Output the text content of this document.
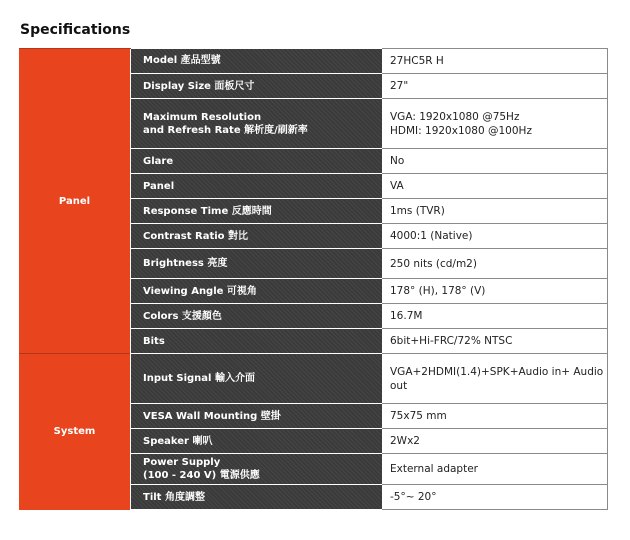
Specifications
Panel	Model 產品型號	27HC5R H
	Display Size 面板尺寸	27"
	Maximum Resolution
and Refresh Rate 解析度/刷新率	VGA: 1920x1080 @75Hz
HDMI: 1920x1080 @100Hz
	Glare	No
	Panel	VA
	Response Time 反應時間	1ms (TVR)
	Contrast Ratio 對比	4000:1 (Native)
	Brightness 亮度	250 nits (cd/m2)
	Viewing Angle 可視角	178° (H), 178° (V)
	Colors 支援顏色	16.7M
	Bits	6bit+Hi-FRC/72% NTSC
System	Input Signal 輸入介面	VGA+2HDMI(1.4)+SPK+Audio in+ Audio out
	VESA Wall Mounting 壁掛	75x75 mm
	Speaker 喇叭	2Wx2
	Power Supply
(100 - 240 V) 電源供應	External adapter
	Tilt 角度調整	-5°~ 20°
